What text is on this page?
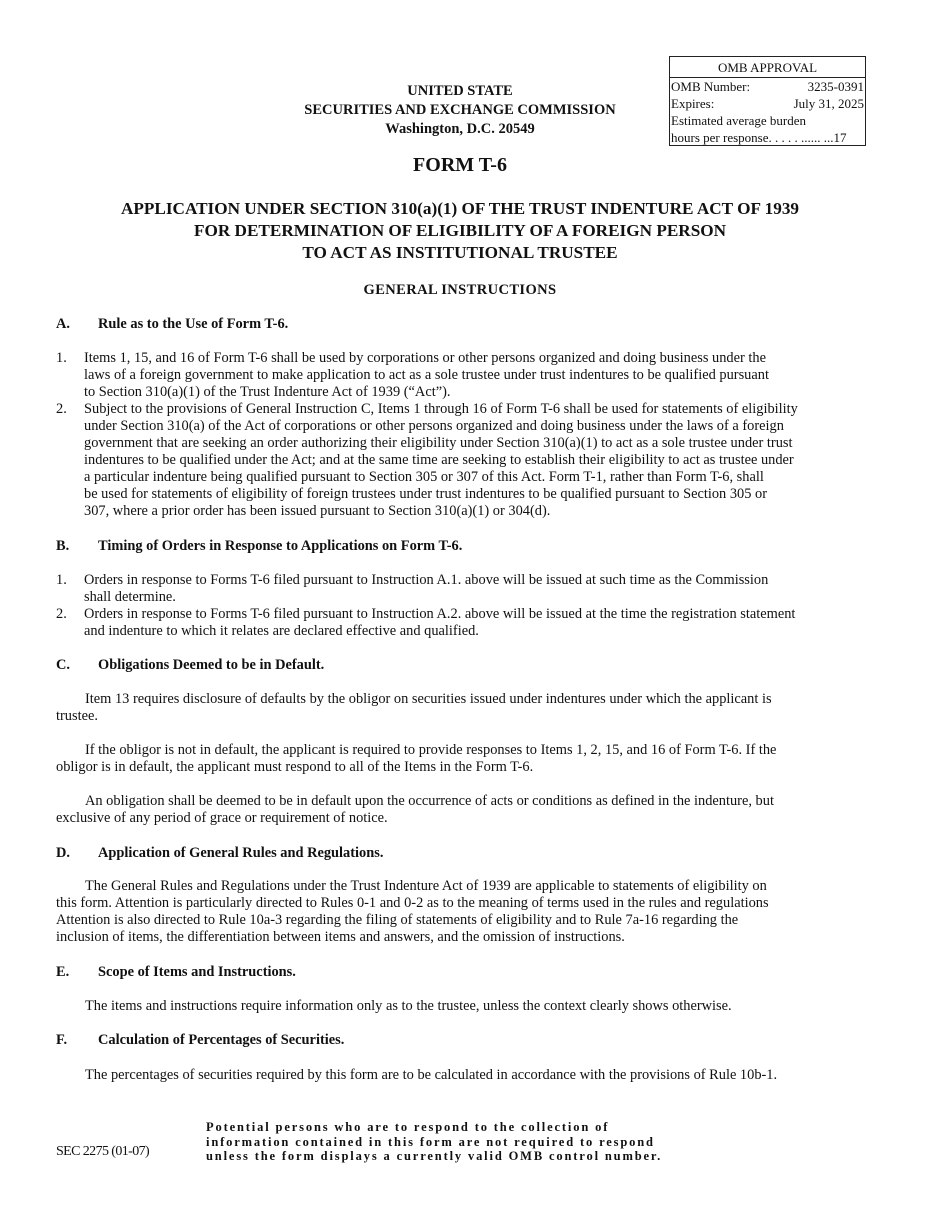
OMB APPROVAL
OMB Number:	3235-0391
Expires:	July 31, 2025
Estimated average burden
hours per response. . . . . ...... ...17
UNITED STATE
SECURITIES AND EXCHANGE COMMISSION
Washington, D.C. 20549
FORM T-6
APPLICATION UNDER SECTION 310(a)(1) OF THE TRUST INDENTURE ACT OF 1939
FOR DETERMINATION OF ELIGIBILITY OF A FOREIGN PERSON
TO ACT AS INSTITUTIONAL TRUSTEE
GENERAL INSTRUCTIONS
A. Rule as to the Use of Form T-6.
1.	Items 1, 15, and 16 of Form T-6 shall be used by corporations or other persons organized and doing business under the
laws of a foreign government to make application to act as a sole trustee under trust indentures to be qualified pursuant
to Section 310(a)(1) of the Trust Indenture Act of 1939 (“Act”).
2.	Subject to the provisions of General Instruction C, Items 1 through 16 of Form T-6 shall be used for statements of eligibility
under Section 310(a) of the Act of corporations or other persons organized and doing business under the laws of a foreign
government that are seeking an order authorizing their eligibility under Section 310(a)(1) to act as a sole trustee under trust
indentures to be qualified under the Act; and at the same time are seeking to establish their eligibility to act as trustee under
a particular indenture being qualified pursuant to Section 305 or 307 of this Act. Form T-1, rather than Form T-6, shall
be used for statements of eligibility of foreign trustees under trust indentures to be qualified pursuant to Section 305 or
307, where a prior order has been issued pursuant to Section 310(a)(1) or 304(d).
B. Timing of Orders in Response to Applications on Form T-6.
1.	Orders in response to Forms T-6 filed pursuant to Instruction A.1. above will be issued at such time as the Commission
shall determine.
2.	Orders in response to Forms T-6 filed pursuant to Instruction A.2. above will be issued at the time the registration statement
and indenture to which it relates are declared effective and qualified.
C. Obligations Deemed to be in Default.
Item 13 requires disclosure of defaults by the obligor on securities issued under indentures under which the applicant is
trustee.
If the obligor is not in default, the applicant is required to provide responses to Items 1, 2, 15, and 16 of Form T-6. If the
obligor is in default, the applicant must respond to all of the Items in the Form T-6.
An obligation shall be deemed to be in default upon the occurrence of acts or conditions as defined in the indenture, but
exclusive of any period of grace or requirement of notice.
D. Application of General Rules and Regulations.
The General Rules and Regulations under the Trust Indenture Act of 1939 are applicable to statements of eligibility on
this form. Attention is particularly directed to Rules 0-1 and 0-2 as to the meaning of terms used in the rules and regulations
Attention is also directed to Rule 10a-3 regarding the filing of statements of eligibility and to Rule 7a-16 regarding the
inclusion of items, the differentiation between items and answers, and the omission of instructions.
E. Scope of Items and Instructions.
The items and instructions require information only as to the trustee, unless the context clearly shows otherwise.
F. Calculation of Percentages of Securities.
The percentages of securities required by this form are to be calculated in accordance with the provisions of Rule 10b-1.
SEC 2275 (01-07)
Potential persons who are to respond to the collection of
information contained in this form are not required to respond
unless the form displays a currently valid OMB control number.
